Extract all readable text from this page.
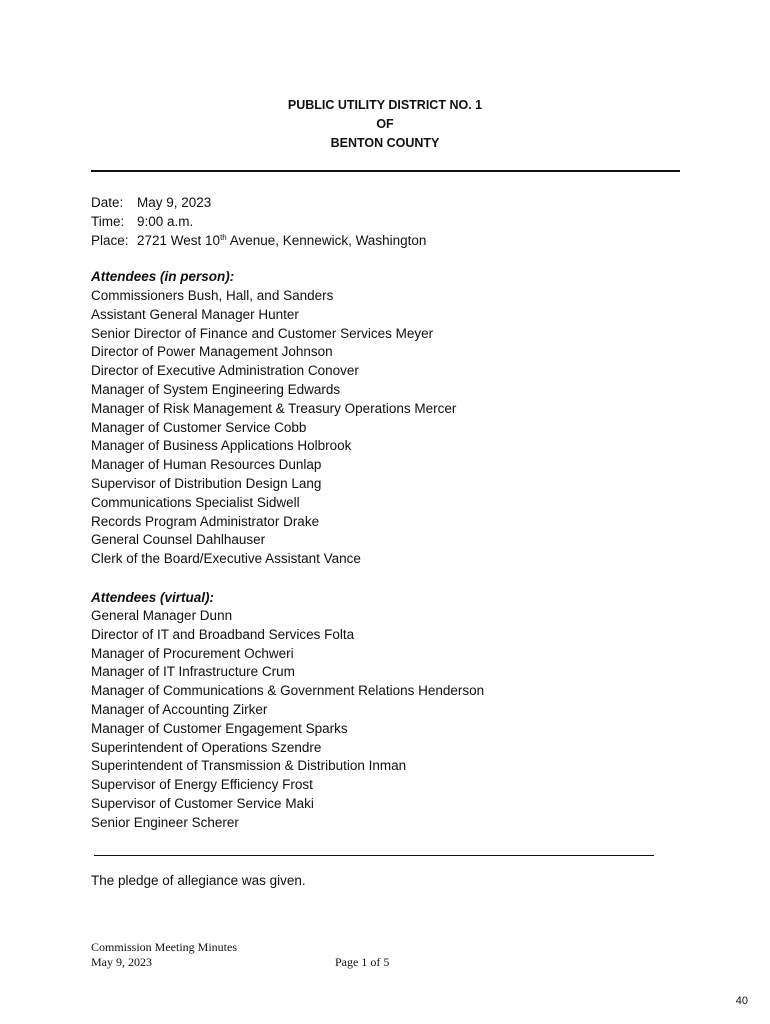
PUBLIC UTILITY DISTRICT NO. 1
OF
BENTON COUNTY
Date: May 9, 2023
Time: 9:00 a.m.
Place: 2721 West 10th Avenue, Kennewick, Washington
Attendees (in person):
Commissioners Bush, Hall, and Sanders
Assistant General Manager Hunter
Senior Director of Finance and Customer Services Meyer
Director of Power Management Johnson
Director of Executive Administration Conover
Manager of System Engineering Edwards
Manager of Risk Management & Treasury Operations Mercer
Manager of Customer Service Cobb
Manager of Business Applications Holbrook
Manager of Human Resources Dunlap
Supervisor of Distribution Design Lang
Communications Specialist Sidwell
Records Program Administrator Drake
General Counsel Dahlhauser
Clerk of the Board/Executive Assistant Vance
Attendees (virtual):
General Manager Dunn
Director of IT and Broadband Services Folta
Manager of Procurement Ochweri
Manager of IT Infrastructure Crum
Manager of Communications & Government Relations Henderson
Manager of Accounting Zirker
Manager of Customer Engagement Sparks
Superintendent of Operations Szendre
Superintendent of Transmission & Distribution Inman
Supervisor of Energy Efficiency Frost
Supervisor of Customer Service Maki
Senior Engineer Scherer
The pledge of allegiance was given.
Commission Meeting Minutes
May 9, 2023	Page 1 of 5
40
